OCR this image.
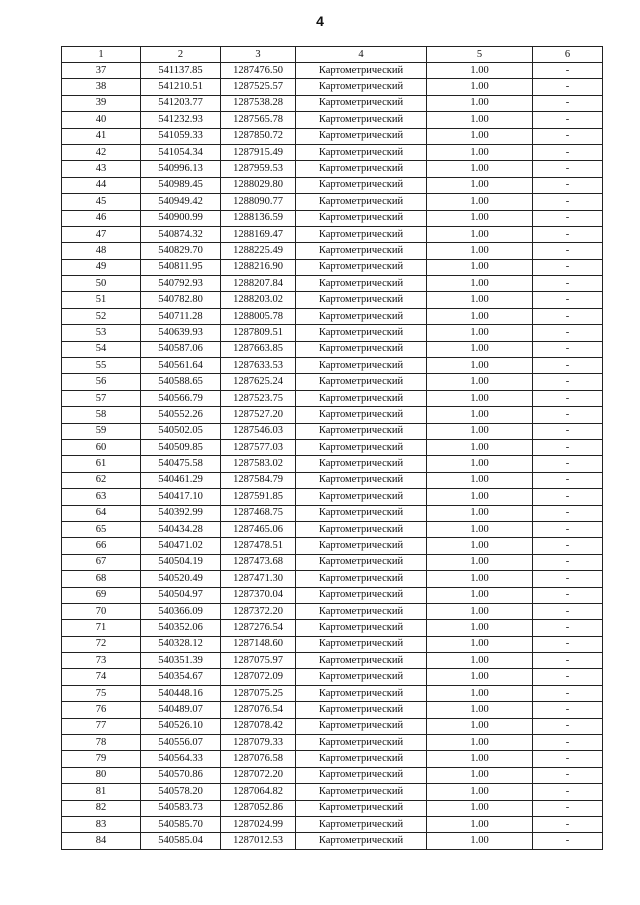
4
1	2	3	4	5	6
37	541137.85	1287476.50	Картометрический	1.00	-
38	541210.51	1287525.57	Картометрический	1.00	-
39	541203.77	1287538.28	Картометрический	1.00	-
40	541232.93	1287565.78	Картометрический	1.00	-
41	541059.33	1287850.72	Картометрический	1.00	-
42	541054.34	1287915.49	Картометрический	1.00	-
43	540996.13	1287959.53	Картометрический	1.00	-
44	540989.45	1288029.80	Картометрический	1.00	-
45	540949.42	1288090.77	Картометрический	1.00	-
46	540900.99	1288136.59	Картометрический	1.00	-
47	540874.32	1288169.47	Картометрический	1.00	-
48	540829.70	1288225.49	Картометрический	1.00	-
49	540811.95	1288216.90	Картометрический	1.00	-
50	540792.93	1288207.84	Картометрический	1.00	-
51	540782.80	1288203.02	Картометрический	1.00	-
52	540711.28	1288005.78	Картометрический	1.00	-
53	540639.93	1287809.51	Картометрический	1.00	-
54	540587.06	1287663.85	Картометрический	1.00	-
55	540561.64	1287633.53	Картометрический	1.00	-
56	540588.65	1287625.24	Картометрический	1.00	-
57	540566.79	1287523.75	Картометрический	1.00	-
58	540552.26	1287527.20	Картометрический	1.00	-
59	540502.05	1287546.03	Картометрический	1.00	-
60	540509.85	1287577.03	Картометрический	1.00	-
61	540475.58	1287583.02	Картометрический	1.00	-
62	540461.29	1287584.79	Картометрический	1.00	-
63	540417.10	1287591.85	Картометрический	1.00	-
64	540392.99	1287468.75	Картометрический	1.00	-
65	540434.28	1287465.06	Картометрический	1.00	-
66	540471.02	1287478.51	Картометрический	1.00	-
67	540504.19	1287473.68	Картометрический	1.00	-
68	540520.49	1287471.30	Картометрический	1.00	-
69	540504.97	1287370.04	Картометрический	1.00	-
70	540366.09	1287372.20	Картометрический	1.00	-
71	540352.06	1287276.54	Картометрический	1.00	-
72	540328.12	1287148.60	Картометрический	1.00	-
73	540351.39	1287075.97	Картометрический	1.00	-
74	540354.67	1287072.09	Картометрический	1.00	-
75	540448.16	1287075.25	Картометрический	1.00	-
76	540489.07	1287076.54	Картометрический	1.00	-
77	540526.10	1287078.42	Картометрический	1.00	-
78	540556.07	1287079.33	Картометрический	1.00	-
79	540564.33	1287076.58	Картометрический	1.00	-
80	540570.86	1287072.20	Картометрический	1.00	-
81	540578.20	1287064.82	Картометрический	1.00	-
82	540583.73	1287052.86	Картометрический	1.00	-
83	540585.70	1287024.99	Картометрический	1.00	-
84	540585.04	1287012.53	Картометрический	1.00	-
